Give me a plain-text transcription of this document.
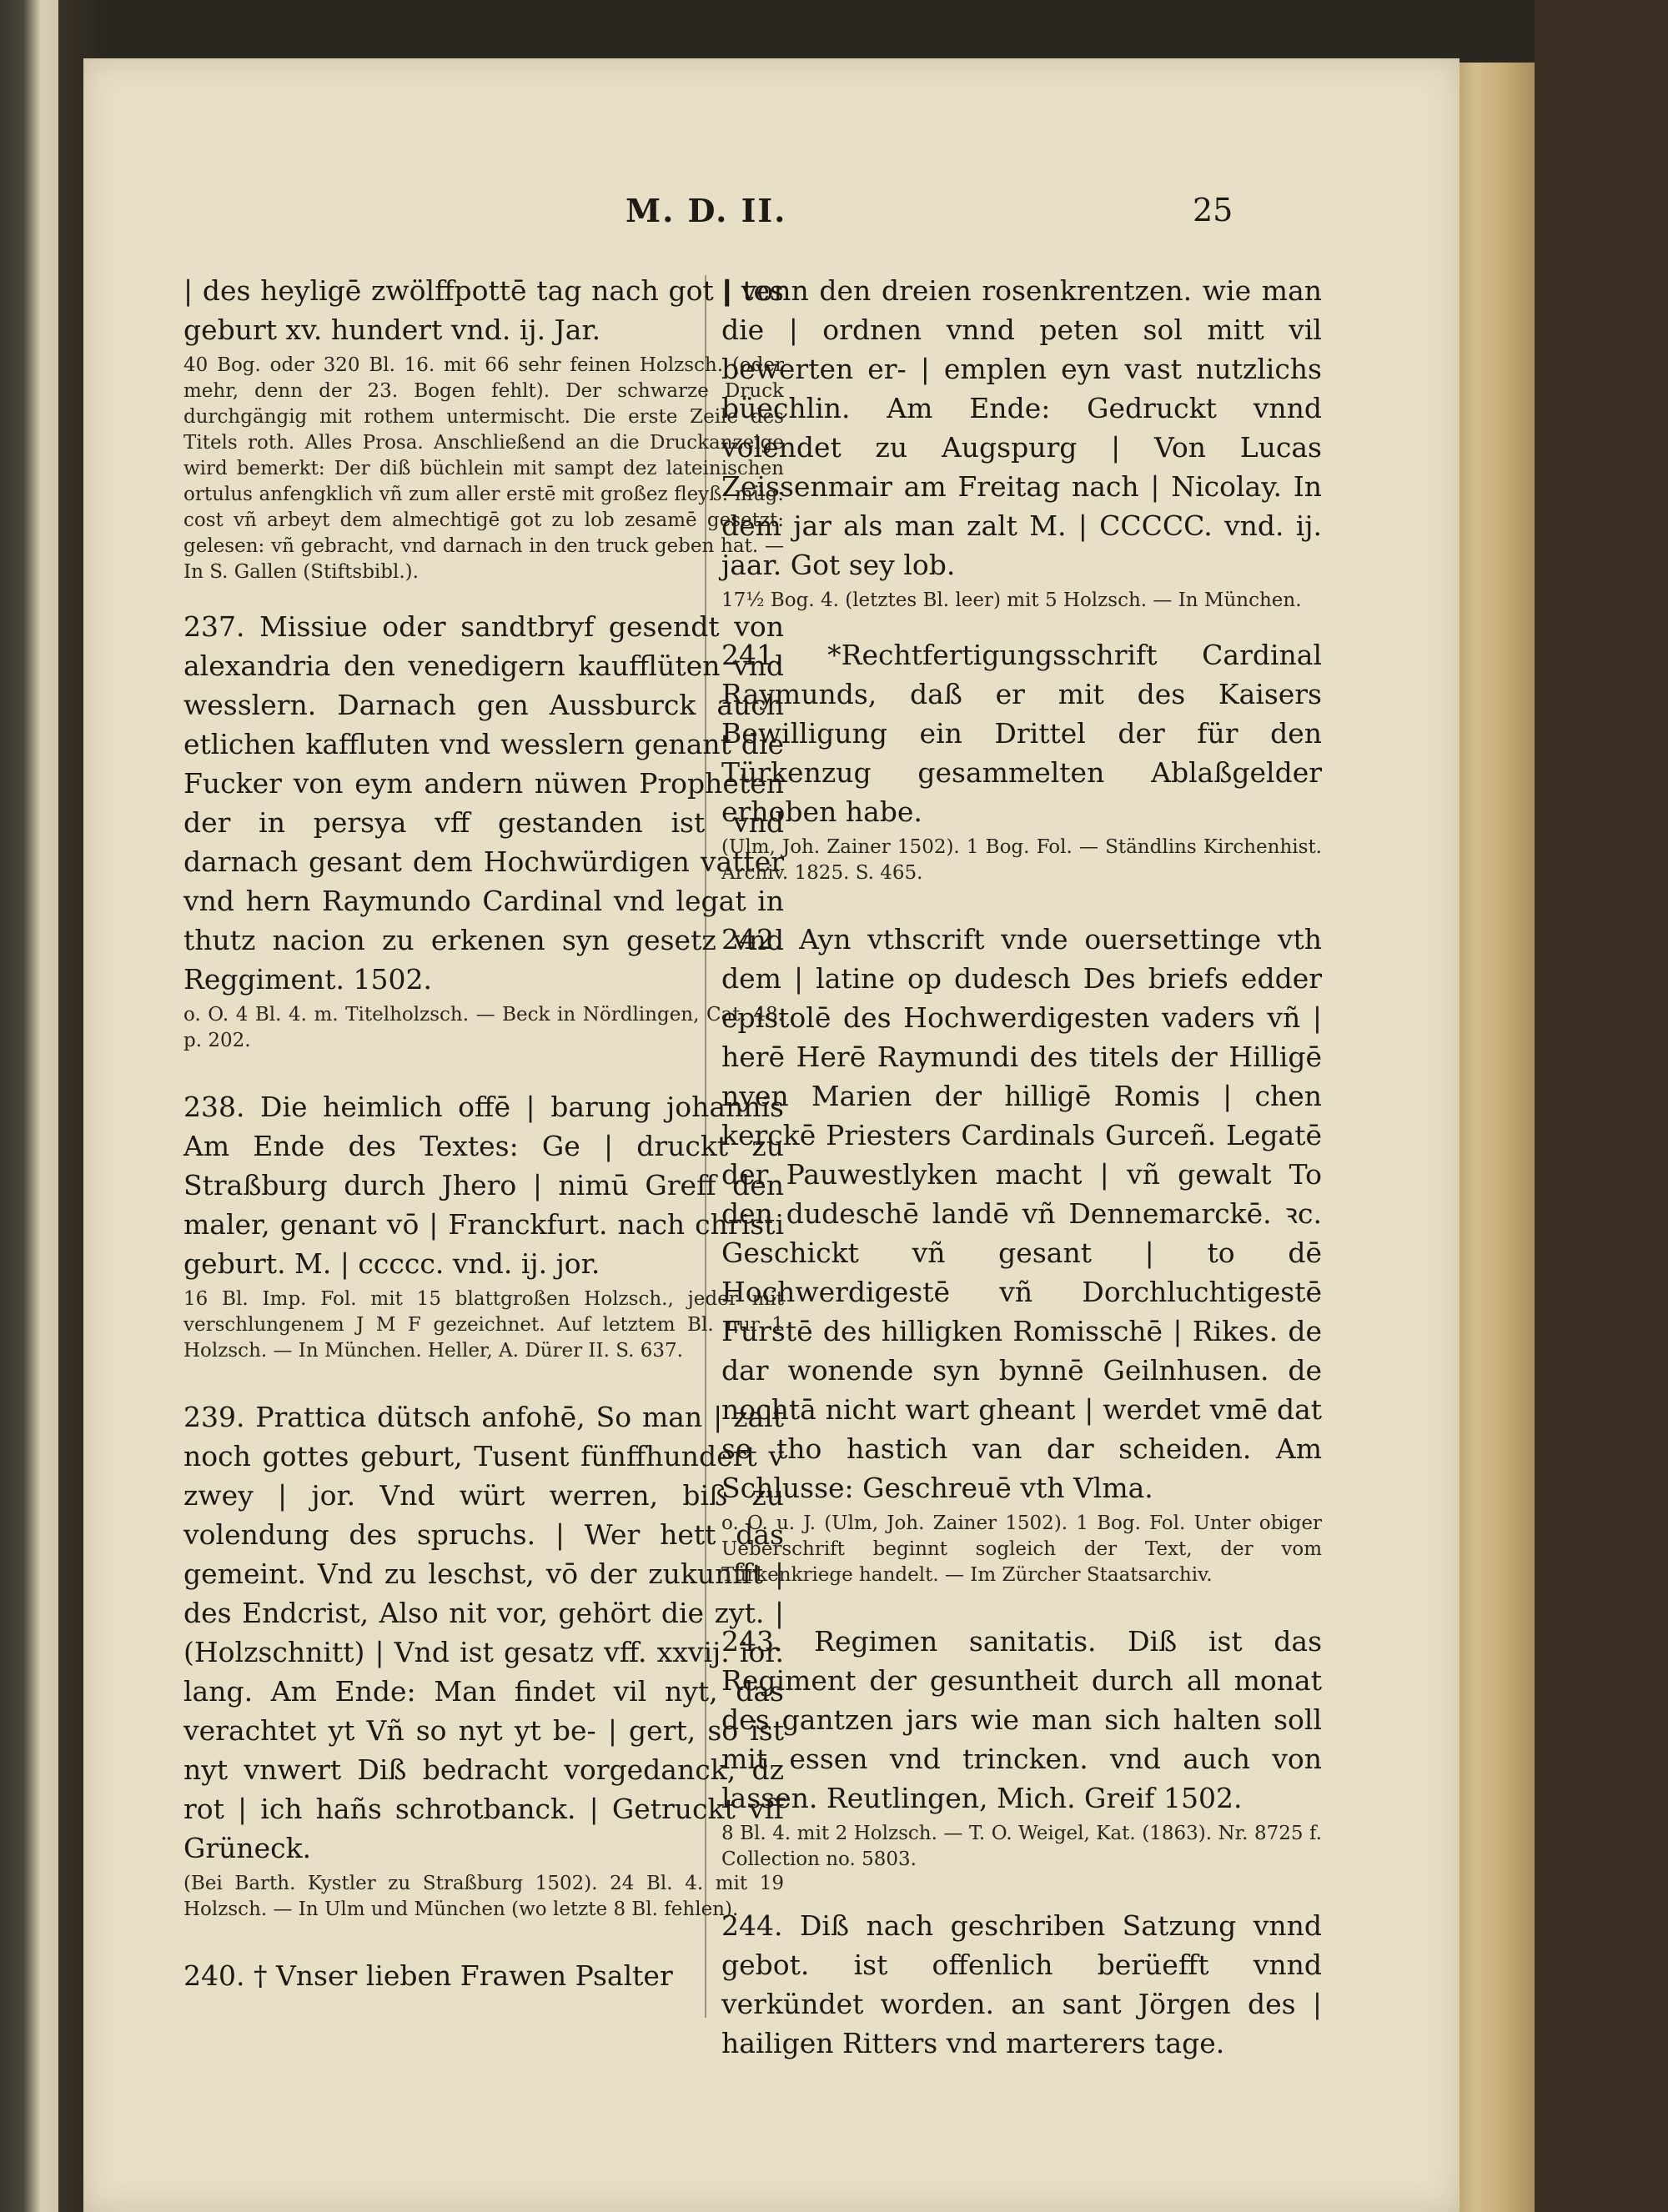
M. D. II.	25
| des heyligē zwölffpottē tag nach got | tes geburt xv. hundert vnd. ij. Jar.
40 Bog. oder 320 Bl. 16. mit 66 sehr feinen Holzsch. (oder mehr, denn der 23. Bogen fehlt). Der schwarze Druck durchgängig mit rothem untermischt. Die erste Zeile des Titels roth. Alles Prosa. Anschließend an die Druckanzeige wird bemerkt: Der diß büchlein mit sampt dez lateinischen ortulus anfengklich vñ zum aller erstē mit großez fleyß: müg: cost vñ arbeyt dem almechtigē got zu lob zesamē gesetzt: gelesen: vñ gebracht, vnd darnach in den truck geben hat. — In S. Gallen (Stiftsbibl.).
237. Missiue oder sandtbryf gesendt von alexandria den venedigern kaufflüten vnd wesslern. Darnach gen Aussburck auch etlichen kaffluten vnd wesslern genant die Fucker von eym andern nüwen Propheten der in persya vff gestanden ist vnd darnach gesant dem Hochwürdigen vatter vnd hern Raymundo Cardinal vnd legat in thutz nacion zu erkenen syn gesetz vnd Reggiment. 1502.
o. O. 4 Bl. 4. m. Titelholzsch. — Beck in Nördlingen, Cat. 48. p. 202.
238. Die heimlich offē | barung johannis Am Ende des Textes: Ge | druckt zu Straßburg durch Jhero | nimū Greff den maler, genant vō | Franckfurt. nach christi geburt. M. | ccccc. vnd. ij. jor.
16 Bl. Imp. Fol. mit 15 blattgroßen Holzsch., jeder mit verschlungenem J M F gezeichnet. Auf letztem Bl. nur 1 Holzsch. — In München. Heller, A. Dürer II. S. 637.
239. Prattica dütsch anfohē, So man | zalt noch gottes geburt, Tusent fünffhundert v zwey | jor. Vnd würt werren, biß zu volendung des spruchs. | Wer hett das gemeint. Vnd zu leschst, vō der zukunfft | des Endcrist, Also nit vor, gehört die zyt. | (Holzschnitt) | Vnd ist gesatz vff. xxvij. ior. lang. Am Ende: Man findet vil nyt, das verachtet yt Vñ so nyt yt be- | gert, so ist nyt vnwert Diß bedracht vorgedanck, dz rot | ich hañs schrotbanck. | Getruckt vff Grüneck.
(Bei Barth. Kystler zu Straßburg 1502). 24 Bl. 4. mit 19 Holzsch. — In Ulm und München (wo letzte 8 Bl. fehlen).
240. † Vnser lieben Frawen Psalter
| vonn den dreien rosenkrentzen. wie man die | ordnen vnnd peten sol mitt vil bewerten er- | emplen eyn vast nutzlichs büechlin. Am Ende: Gedruckt vnnd volendet zu Augspurg | Von Lucas Zeissenmair am Freitag nach | Nicolay. In dem jar als man zalt M. | CCCCC. vnd. ij. jaar. Got sey lob.
17½ Bog. 4. (letztes Bl. leer) mit 5 Holzsch. — In München.
241. *Rechtfertigungsschrift Cardinal Raymunds, daß er mit des Kaisers Bewilligung ein Drittel der für den Türkenzug gesammelten Ablaßgelder erhoben habe.
(Ulm, Joh. Zainer 1502). 1 Bog. Fol. — Ständlins Kirchenhist. Archiv. 1825. S. 465.
242. Ayn vthscrift vnde ouersettinge vth dem | latine op dudesch Des briefs edder epistolē des Hochwerdigesten vaders vñ | herē Herē Raymundi des titels der Hilligē nyen Marien der hilligē Romis | chen kerckē Priesters Cardinals Gurceñ. Legatē der Pauwestlyken macht | vñ gewalt To den dudeschē landē vñ Dennemarckē. ꝛc. Geschickt vñ gesant | to dē Hochwerdigestē vñ Dorchluchtigestē Furstē des hilligken Romisschē | Rikes. de dar wonende syn bynnē Geilnhusen. de nochtā nicht wart gheant | werdet vmē dat se tho hastich van dar scheiden. Am Schlusse: Geschreuē vth Vlma.
o. O. u. J. (Ulm, Joh. Zainer 1502). 1 Bog. Fol. Unter obiger Ueberschrift beginnt sogleich der Text, der vom Türkenkriege handelt. — Im Zürcher Staatsarchiv.
243. Regimen sanitatis. Diß ist das Regiment der gesuntheit durch all monat des gantzen jars wie man sich halten soll mit essen vnd trincken. vnd auch von lassen. Reutlingen, Mich. Greif 1502.
8 Bl. 4. mit 2 Holzsch. — T. O. Weigel, Kat. (1863). Nr. 8725 f. Collection no. 5803.
244. Diß nach geschriben Satzung vnnd gebot. ist offenlich berüefft vnnd verkündet worden. an sant Jörgen des | hailigen Ritters vnd marterers tage.
